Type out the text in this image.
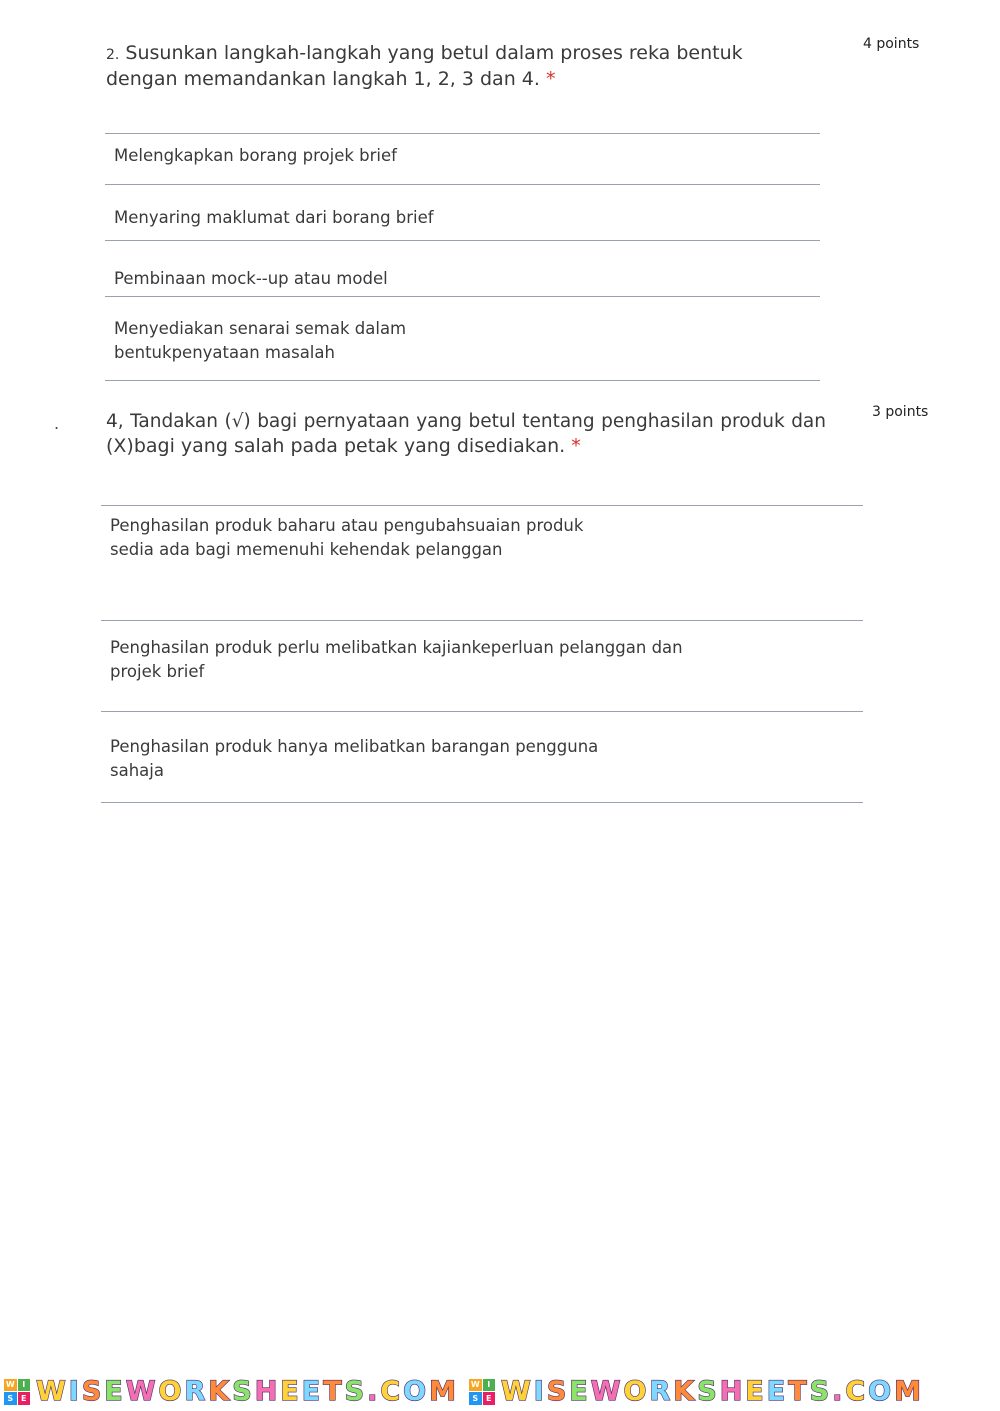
2. Susunkan langkah-langkah yang betul dalam proses reka bentuk
dengan memandankan langkah 1, 2, 3 dan 4. *
4 points
Melengkapkan borang projek brief
Menyaring maklumat dari borang brief
Pembinaan mock--up atau model
Menyediakan senarai semak dalam
bentukpenyataan masalah
.	4, Tandakan (√) bagi pernyataan yang betul tentang penghasilan produk dan
(X)bagi yang salah pada petak yang disediakan. *
3 points
Penghasilan produk baharu atau pengubahsuaian produk
sedia ada bagi memenuhi kehendak pelanggan
Penghasilan produk perlu melibatkan kajiankeperluan pelanggan dan
projek brief
Penghasilan produk hanya melibatkan barangan pengguna
sahaja
W I
S E WISEWORKSHEETS.COM W I
S E WISEWORKSHEETS.COM
